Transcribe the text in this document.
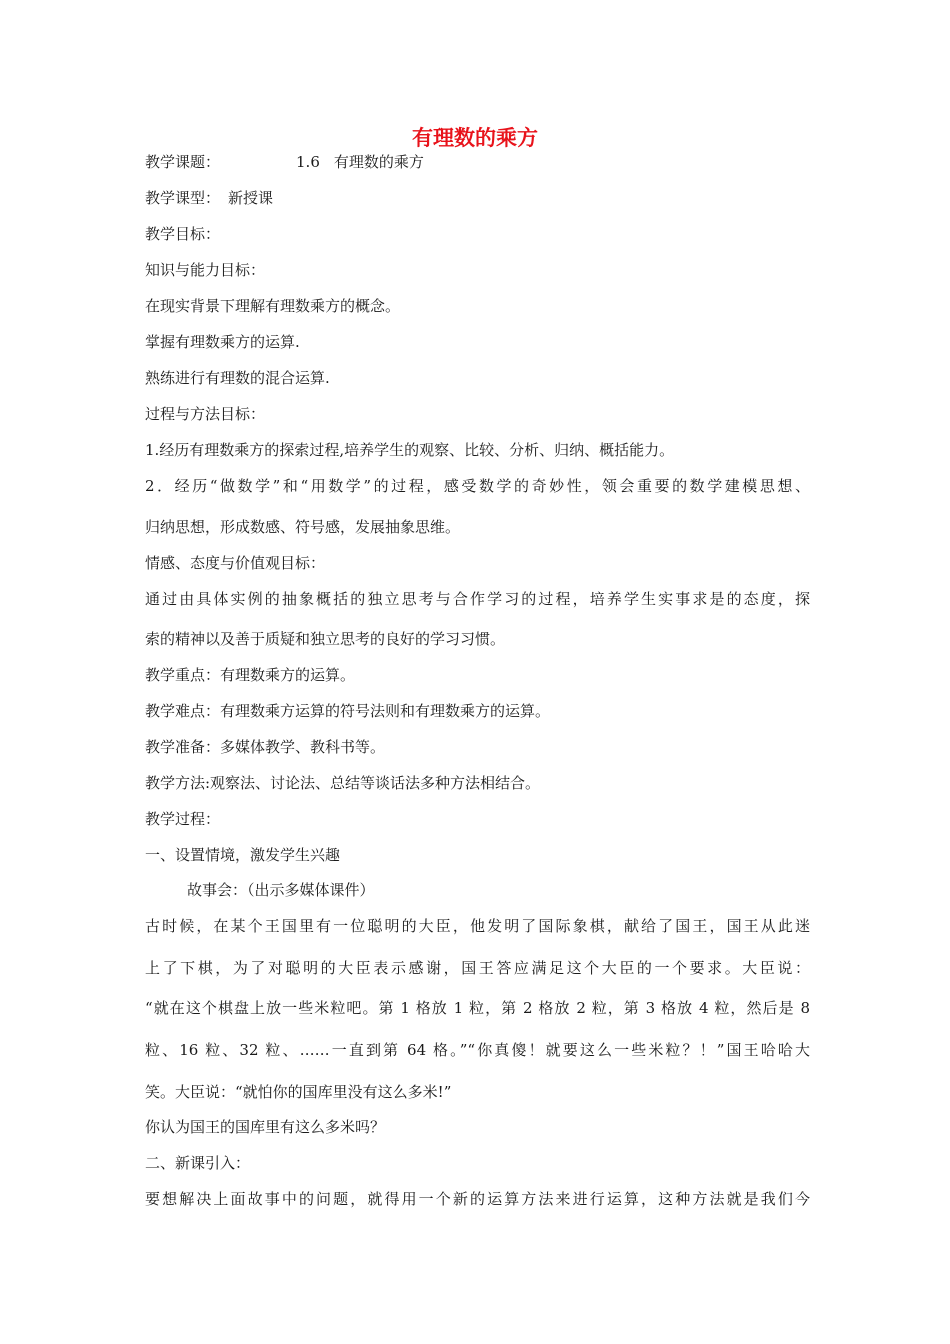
有理数的乘方
教学课题：	1.6 有理数的乘方
教学课型： 新授课
教学目标：
知识与能力目标：
在现实背景下理解有理数乘方的概念。
掌握有理数乘方的运算.
熟练进行有理数的混合运算.
过程与方法目标：
1.经历有理数乘方的探索过程,培养学生的观察、比较、分析、归纳、概括能力。
2．经历“做数学”和“用数学”的过程，感受数学的奇妙性，领会重要的数学建模思想、
归纳思想，形成数感、符号感，发展抽象思维。
情感、态度与价值观目标：
通过由具体实例的抽象概括的独立思考与合作学习的过程，培养学生实事求是的态度，探
索的精神以及善于质疑和独立思考的良好的学习习惯。
教学重点：有理数乘方的运算。
教学难点：有理数乘方运算的符号法则和有理数乘方的运算。
教学准备：多媒体教学、教科书等。
教学方法:观察法、讨论法、总结等谈话法多种方法相结合。
教学过程：
一、设置情境，激发学生兴趣
故事会：（出示多媒体课件）
古时候，在某个王国里有一位聪明的大臣，他发明了国际象棋，献给了国王，国王从此迷
上了下棋，为了对聪明的大臣表示感谢，国王答应满足这个大臣的一个要求。大臣说：
“就在这个棋盘上放一些米粒吧。第 1 格放 1 粒，第 2 格放 2 粒，第 3 格放 4 粒，然后是 8
粒、16 粒、32 粒、……一直到第 64 格。”“你真傻！就要这么一些米粒？！”国王哈哈大
笑。大臣说：“就怕你的国库里没有这么多米!”
你认为国王的国库里有这么多米吗？
二、新课引入：
要想解决上面故事中的问题，就得用一个新的运算方法来进行运算，这种方法就是我们今
